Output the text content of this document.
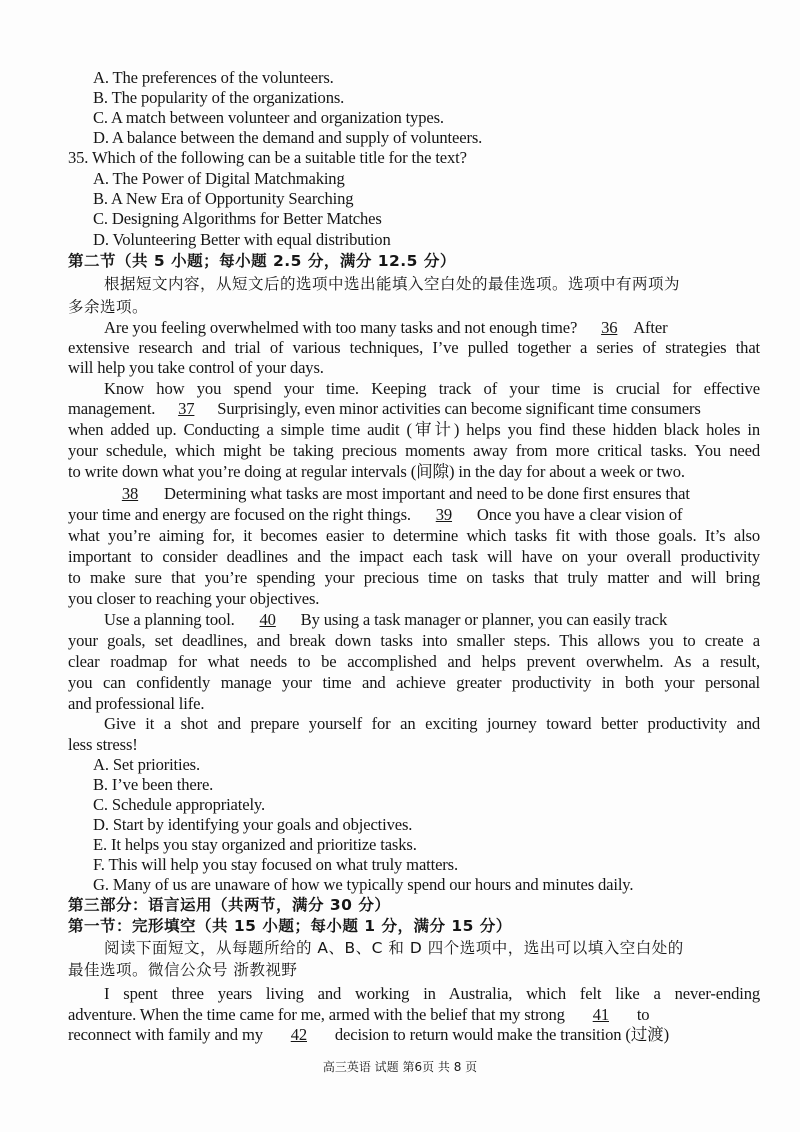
A. The preferences of the volunteers.
B. The popularity of the organizations.
C. A match between volunteer and organization types.
D. A balance between the demand and supply of volunteers.
35. Which of the following can be a suitable title for the text?
A. The Power of Digital Matchmaking
B. A New Era of Opportunity Searching
C. Designing Algorithms for Better Matches
D. Volunteering Better with equal distribution
第二节（共 5 小题；每小题 2.5 分，满分 12.5 分）
根据短文内容，从短文后的选项中选出能填入空白处的最佳选项。选项中有两项为
多余选项。
Are you feeling overwhelmed with too many tasks and not enough time? 36 After
extensive research and trial of various techniques, I’ve pulled together a series of strategies that
will help you take control of your days.
Know how you spend your time. Keeping track of your time is crucial for effective
management. 37 Surprisingly, even minor activities can become significant time consumers
when added up. Conducting a simple time audit (审计) helps you find these hidden black holes in
your schedule, which might be taking precious moments away from more critical tasks. You need
to write down what you’re doing at regular intervals (间隙) in the day for about a week or two.
38 Determining what tasks are most important and need to be done first ensures that
your time and energy are focused on the right things. 39 Once you have a clear vision of
what you’re aiming for, it becomes easier to determine which tasks fit with those goals. It’s also
important to consider deadlines and the impact each task will have on your overall productivity
to make sure that you’re spending your precious time on tasks that truly matter and will bring
you closer to reaching your objectives.
Use a planning tool. 40 By using a task manager or planner, you can easily track
your goals, set deadlines, and break down tasks into smaller steps. This allows you to create a
clear roadmap for what needs to be accomplished and helps prevent overwhelm. As a result,
you can confidently manage your time and achieve greater productivity in both your personal
and professional life.
Give it a shot and prepare yourself for an exciting journey toward better productivity and
less stress!
A. Set priorities.
B. I’ve been there.
C. Schedule appropriately.
D. Start by identifying your goals and objectives.
E. It helps you stay organized and prioritize tasks.
F. This will help you stay focused on what truly matters.
G. Many of us are unaware of how we typically spend our hours and minutes daily.
第三部分：语言运用（共两节，满分 30 分）
第一节：完形填空（共 15 小题；每小题 1 分，满分 15 分）
阅读下面短文，从每题所给的 A、B、C 和 D 四个选项中，选出可以填入空白处的
最佳选项。微信公众号 浙教视野
I spent three years living and working in Australia, which felt like a never-ending
adventure. When the time came for me, armed with the belief that my strong 41 to
reconnect with family and my 42 decision to return would make the transition (过渡)
高三英语 试题 第6页 共 8 页
